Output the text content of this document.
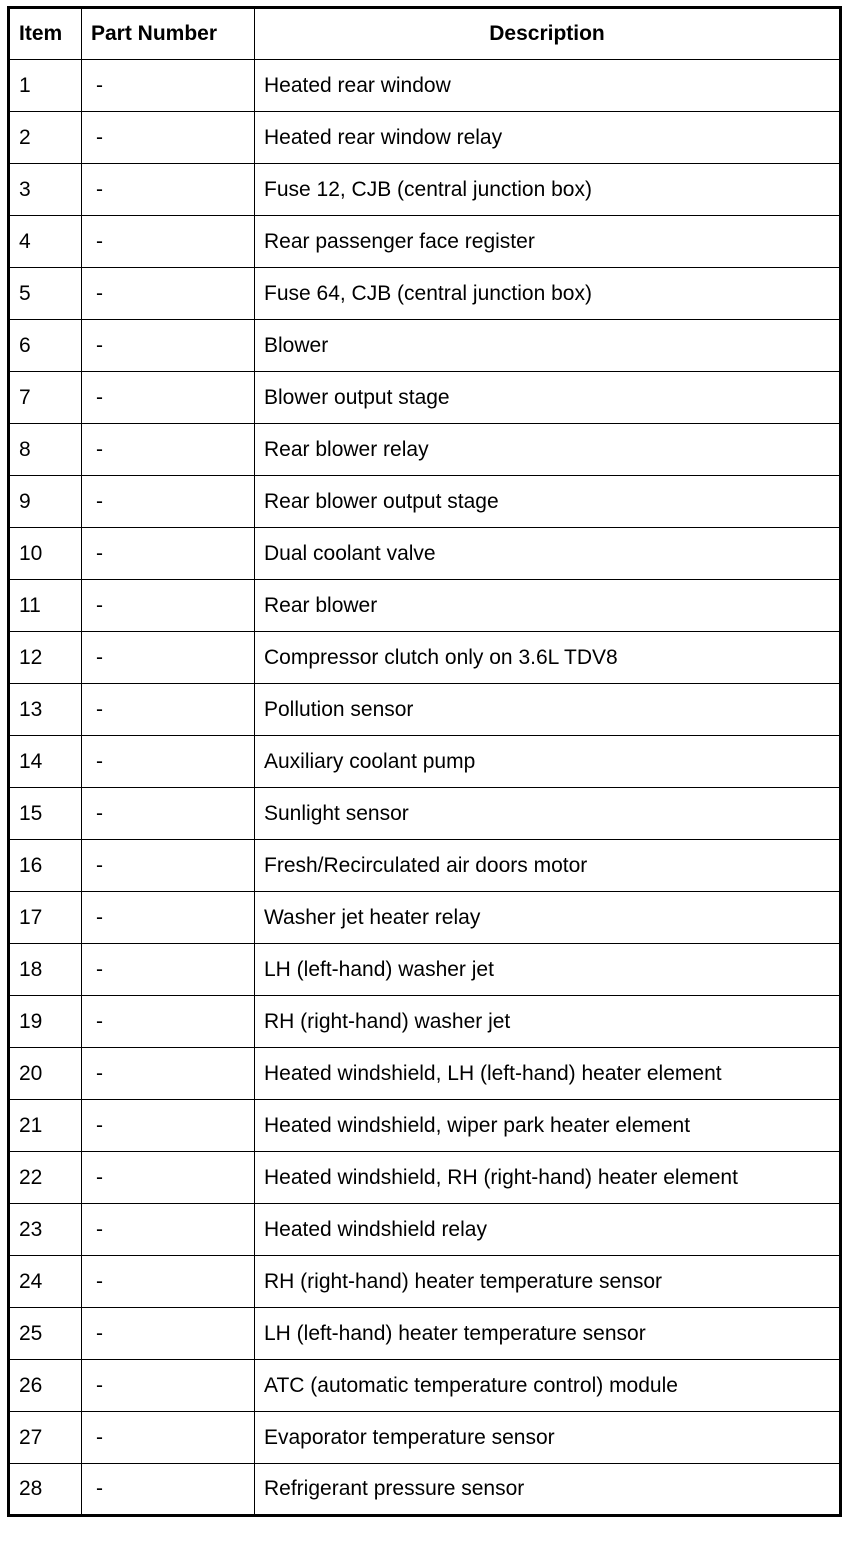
Item	Part Number	Description
1	-	Heated rear window
2	-	Heated rear window relay
3	-	Fuse 12, CJB (central junction box)
4	-	Rear passenger face register
5	-	Fuse 64, CJB (central junction box)
6	-	Blower
7	-	Blower output stage
8	-	Rear blower relay
9	-	Rear blower output stage
10	-	Dual coolant valve
11	-	Rear blower
12	-	Compressor clutch only on 3.6L TDV8
13	-	Pollution sensor
14	-	Auxiliary coolant pump
15	-	Sunlight sensor
16	-	Fresh/Recirculated air doors motor
17	-	Washer jet heater relay
18	-	LH (left-hand) washer jet
19	-	RH (right-hand) washer jet
20	-	Heated windshield, LH (left-hand) heater element
21	-	Heated windshield, wiper park heater element
22	-	Heated windshield, RH (right-hand) heater element
23	-	Heated windshield relay
24	-	RH (right-hand) heater temperature sensor
25	-	LH (left-hand) heater temperature sensor
26	-	ATC (automatic temperature control) module
27	-	Evaporator temperature sensor
28	-	Refrigerant pressure sensor
